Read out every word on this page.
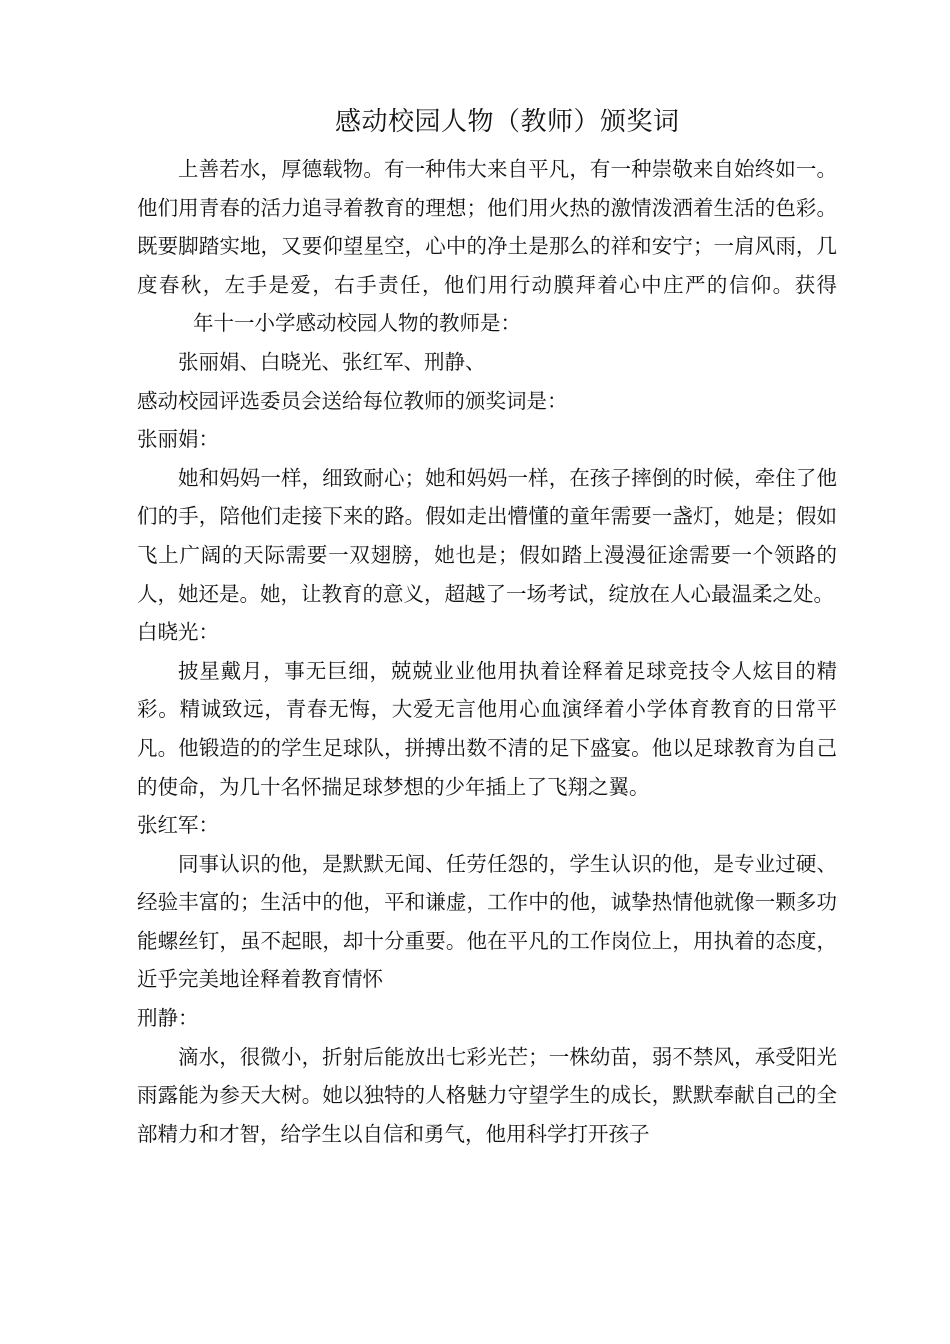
感动校园人物（教师）颁奖词

上善若水，厚德载物。有一种伟大来自平凡，有一种崇敬来自始终如一。他们用青春的活力追寻着教育的理想；他们用火热的激情泼洒着生活的色彩。既要脚踏实地，又要仰望星空，心中的净土是那么的祥和安宁；一肩风雨，几度春秋，左手是爱，右手责任，他们用行动膜拜着心中庄严的信仰。获得年十一小学感动校园人物的教师是：

张丽娟、白晓光、张红军、刑静、

感动校园评选委员会送给每位教师的颁奖词是：

张丽娟：

她和妈妈一样，细致耐心；她和妈妈一样，在孩子摔倒的时候，牵住了他们的手，陪他们走接下来的路。假如走出懵懂的童年需要一盏灯，她是；假如飞上广阔的天际需要一双翅膀，她也是；假如踏上漫漫征途需要一个领路的人，她还是。她，让教育的意义，超越了一场考试，绽放在人心最温柔之处。

白晓光：

披星戴月，事无巨细，兢兢业业他用执着诠释着足球竞技令人炫目的精彩。精诚致远，青春无悔，大爱无言他用心血演绎着小学体育教育的日常平凡。他锻造的的学生足球队，拼搏出数不清的足下盛宴。他以足球教育为自己的使命，为几十名怀揣足球梦想的少年插上了飞翔之翼。

张红军：

同事认识的他，是默默无闻、任劳任怨的，学生认识的他，是专业过硬、经验丰富的；生活中的他，平和谦虚，工作中的他，诚挚热情他就像一颗多功能螺丝钉，虽不起眼，却十分重要。他在平凡的工作岗位上，用执着的态度，近乎完美地诠释着教育情怀

刑静：

滴水，很微小，折射后能放出七彩光芒；一株幼苗，弱不禁风，承受阳光雨露能为参天大树。她以独特的人格魅力守望学生的成长，默默奉献自己的全部精力和才智，给学生以自信和勇气，他用科学打开孩子
